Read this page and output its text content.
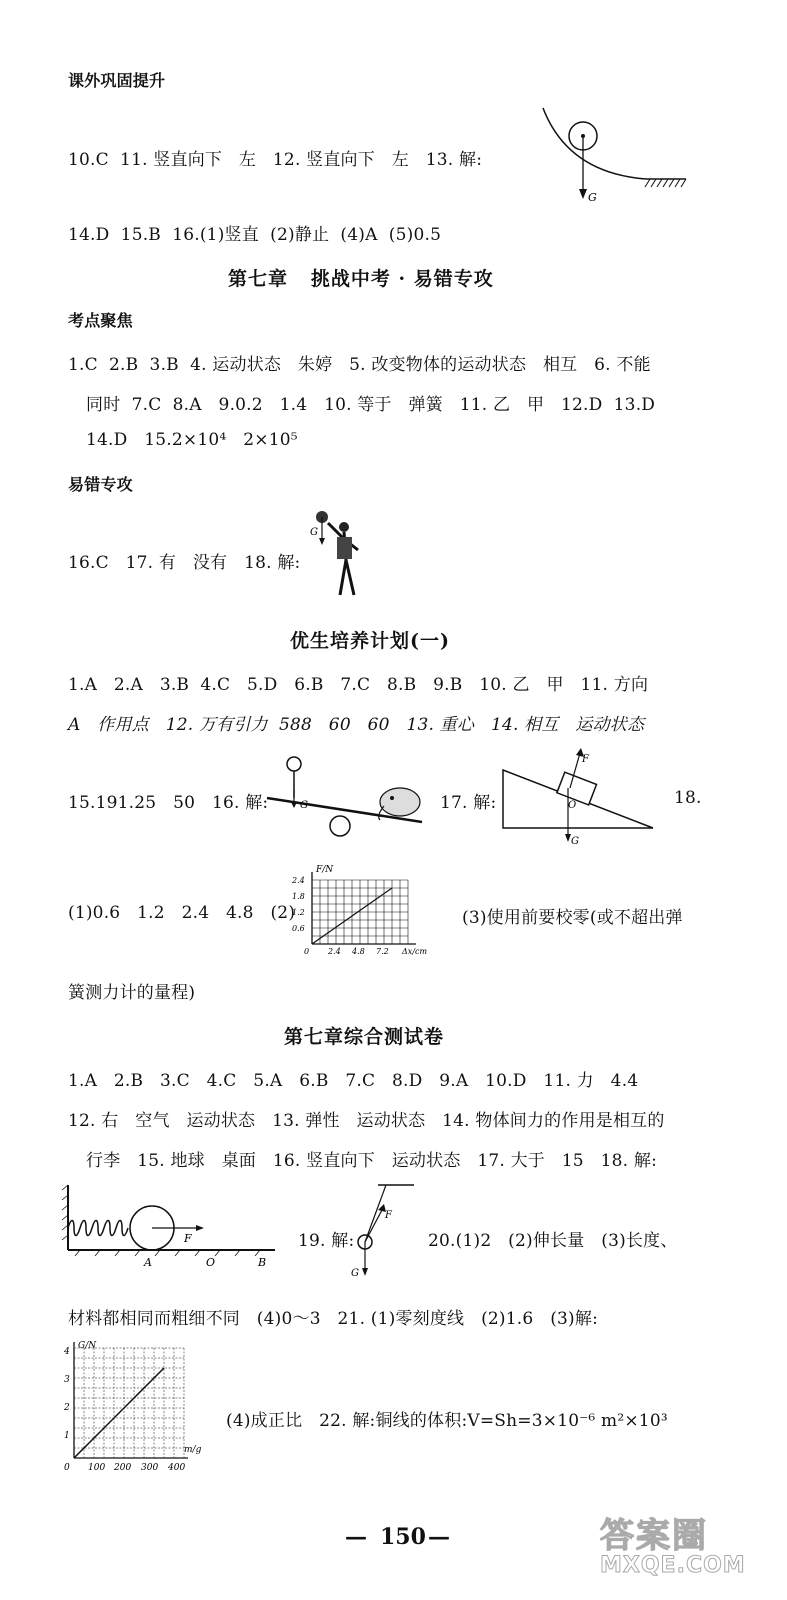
课外巩固提升
10.C  11. 竖直向下   左   12. 竖直向下   左   13. 解:
G
14.D  15.B  16.(1)竖直  (2)静止  (4)A  (5)0.5
第七章   挑战中考 · 易错专攻
考点聚焦
1.C  2.B  3.B  4. 运动状态   朱婷   5. 改变物体的运动状态   相互   6. 不能
同时  7.C  8.A   9.0.2   1.4   10. 等于   弹簧   11. 乙   甲   12.D  13.D
14.D   15.2×10⁴   2×10⁵
易错专攻
16.C   17. 有   没有   18. 解:
G
优生培养计划(一)
1.A   2.A   3.B  4.C   5.D   6.B   7.C   8.B   9.B   10. 乙   甲   11. 方向
A   作用点   12. 万有引力  588   60   60   13. 重心   14. 相互   运动状态
15.191.25   50   16. 解:	G	17. 解:
F
O
G
18.
(1)0.6   1.2   2.4   4.8   (2)
F/N
2.4
1.8
1.2
0.6
0 2.4 4.8 7.2 Δx/cm
(3)使用前要校零(或不超出弹
簧测力计的量程)
第七章综合测试卷
1.A   2.B   3.C   4.C   5.A   6.B   7.C   8.D   9.A   10.D   11. 力   4.4
12. 右   空气   运动状态   13. 弹性   运动状态   14. 物体间力的作用是相互的
行李   15. 地球   桌面   16. 竖直向下   运动状态   17. 大于   15   18. 解:
F
A	O	B
19. 解:
F
G
20.(1)2   (2)伸长量   (3)长度、
材料都相同而粗细不同   (4)0～3   21. (1)零刻度线   (2)1.6   (3)解:
G/N
4
3
2
1
0 100 200 300 400
m/g
(4)成正比   22. 解:铜线的体积:V=Sh=3×10⁻⁶ m²×10³
— 150 —	答案圈
MXQE.COM
